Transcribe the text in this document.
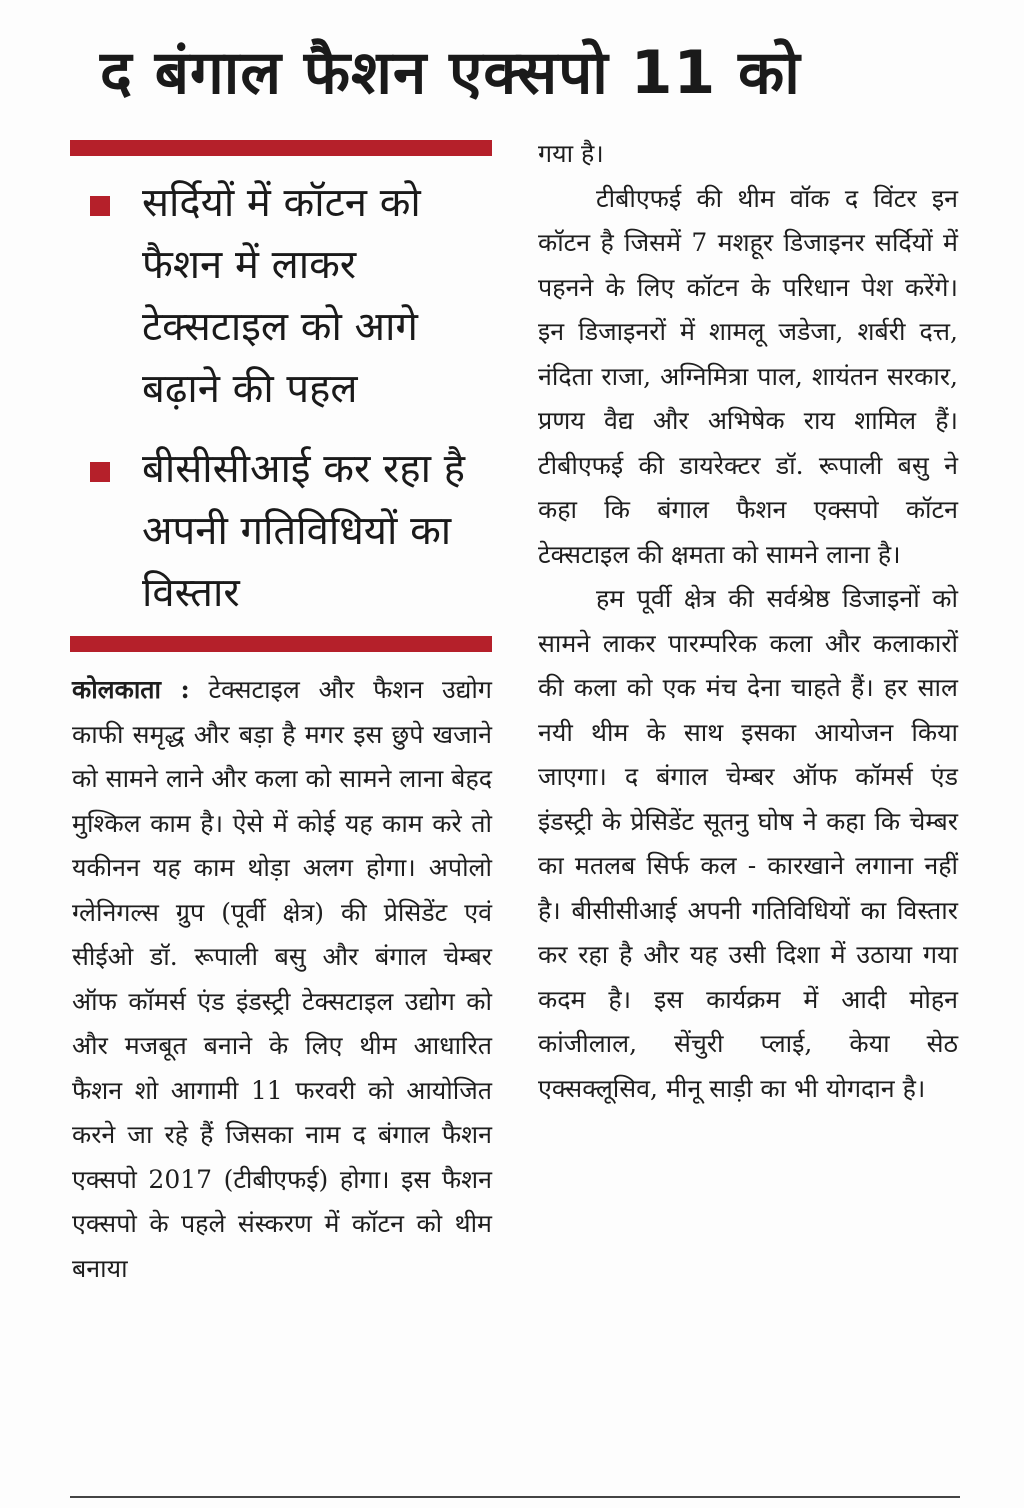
द बंगाल फैशन एक्सपो 11 को
सर्दियों में कॉटन को फैशन में लाकर टेक्सटाइल को आगे बढ़ाने की पहल
बीसीसीआई कर रहा है अपनी गतिविधियों का विस्तार

कोलकाता : टेक्सटाइल और फैशन उद्योग काफी समृद्ध और बड़ा है मगर इस छुपे खजाने को सामने लाने और कला को सामने लाना बेहद मुश्किल काम है। ऐसे में कोई यह काम करे तो यकीनन यह काम थोड़ा अलग होगा। अपोलो ग्लेनिगल्स ग्रुप (पूर्वी क्षेत्र) की प्रेसिडेंट एवं सीईओ डॉ. रूपाली बसु और बंगाल चेम्बर ऑफ कॉमर्स एंड इंडस्ट्री टेक्सटाइल उद्योग को और मजबूत बनाने के लिए थीम आधारित फैशन शो आगामी 11 फरवरी को आयोजित करने जा रहे हैं जिसका नाम द बंगाल फैशन एक्सपो 2017 (टीबीएफई) होगा। इस फैशन एक्सपो के पहले संस्करण में कॉटन को थीम बनाया

गया है।

टीबीएफई की थीम वॉक द विंटर इन कॉटन है जिसमें 7 मशहूर डिजाइनर सर्दियों में पहनने के लिए कॉटन के परिधान पेश करेंगे। इन डिजाइनरों में शामलू जडेजा, शर्बरी दत्त, नंदिता राजा, अग्निमित्रा पाल, शायंतन सरकार, प्रणय वैद्य और अभिषेक राय शामिल हैं। टीबीएफई की डायरेक्टर डॉ. रूपाली बसु ने कहा कि बंगाल फैशन एक्सपो कॉटन टेक्सटाइल की क्षमता को सामने लाना है।

हम पूर्वी क्षेत्र की सर्वश्रेष्ठ डिजाइनों को सामने लाकर पारम्परिक कला और कलाकारों की कला को एक मंच देना चाहते हैं। हर साल नयी थीम के साथ इसका आयोजन किया जाएगा। द बंगाल चेम्बर ऑफ कॉमर्स एंड इंडस्ट्री के प्रेसिडेंट सूतनु घोष ने कहा कि चेम्बर का मतलब सिर्फ कल - कारखाने लगाना नहीं है। बीसीसीआई अपनी गतिविधियों का विस्तार कर रहा है और यह उसी दिशा में उठाया गया कदम है। इस कार्यक्रम में आदी मोहन कांजीलाल, सेंचुरी प्लाई, केया सेठ एक्सक्लूसिव, मीनू साड़ी का भी योगदान है।
